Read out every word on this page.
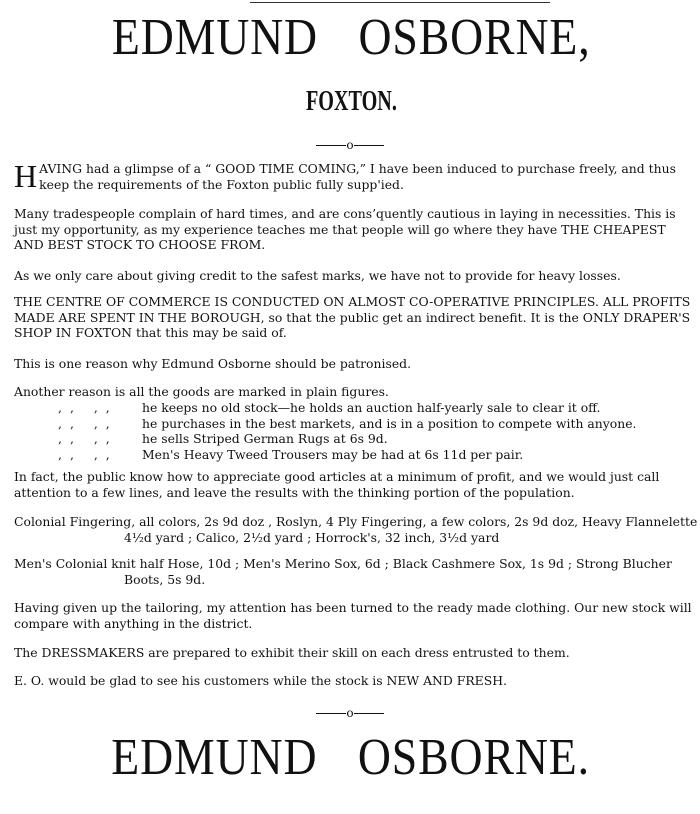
EDMUND OSBORNE,
FOXTON.
o

HAVING had a glimpse of a “ GOOD TIME COMING,” I have been induced to purchase freely, and thus keep the requirements of the Foxton public fully supp'ied.

Many tradespeople complain of hard times, and are cons’quently cautious in laying in necessities. This is just my opportunity, as my experience teaches me that people will go where they have THE CHEAPEST AND BEST STOCK TO CHOOSE FROM.

As we only care about giving credit to the safest marks, we have not to provide for heavy losses.

THE CENTRE OF COMMERCE IS CONDUCTED ON ALMOST CO-OPERATIVE PRINCIPLES. ALL PROFITS MADE ARE SPENT IN THE BOROUGH, so that the public get an indirect benefit. It is the ONLY DRAPER'S SHOP IN FOXTON that this may be said of.

This is one reason why Edmund Osborne should be patronised.

Another reason is all the goods are marked in plain figures.

,, ,,	he keeps no old stock—he holds an auction half-yearly sale to clear it off.
,, ,,	he purchases in the best markets, and is in a position to compete with anyone.
,, ,,	he sells Striped German Rugs at 6s 9d.
,, ,,	Men's Heavy Tweed Trousers may be had at 6s 11d per pair.

In fact, the public know how to appreciate good articles at a minimum of profit, and we would just call attention to a few lines, and leave the results with the thinking portion of the population.

Colonial Fingering, all colors, 2s 9d doz , Roslyn, 4 Ply Fingering, a few colors, 2s 9d doz, Heavy Flannelette

4½d yard ; Calico, 2½d yard ; Horrock's, 32 inch, 3½d yard

Men's Colonial knit half Hose, 10d ; Men's Merino Sox, 6d ; Black Cashmere Sox, 1s 9d ; Strong Blucher

Boots, 5s 9d.

Having given up the tailoring, my attention has been turned to the ready made clothing. Our new stock will compare with anything in the district.

The DRESSMAKERS are prepared to exhibit their skill on each dress entrusted to them.

E. O. would be glad to see his customers while the stock is NEW AND FRESH.

o
EDMUND OSBORNE.
